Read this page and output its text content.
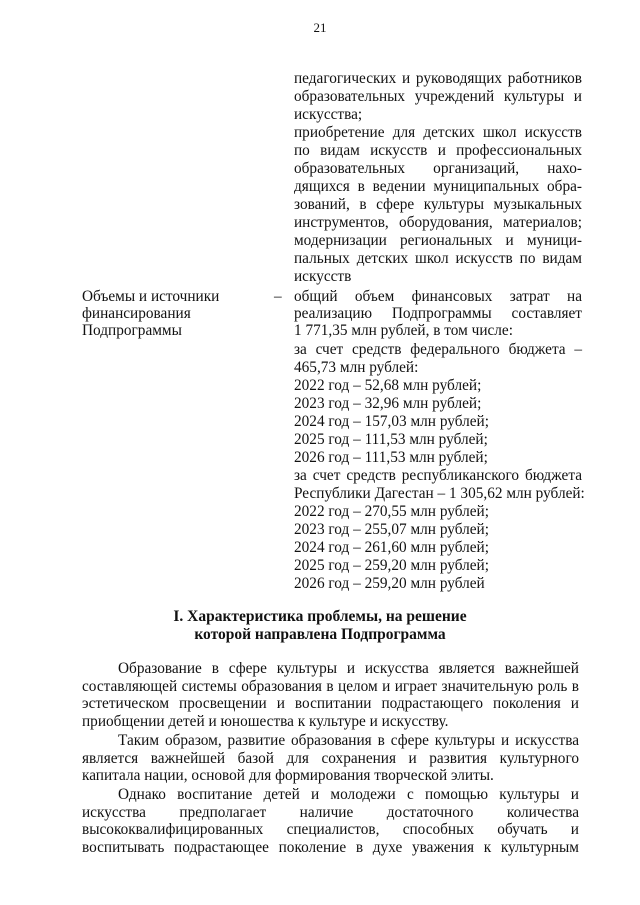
21
педагогических и руководящих работников
образовательных учреждений культуры и
искусства;
приобретение для детских школ искусств
по видам искусств и профессиональных
образовательных организаций, нахо-
дящихся в ведении муниципальных обра-
зований, в сфере культуры музыкальных
инструментов, оборудования, материалов;
модернизации региональных и муници-
пальных детских школ искусств по видам
искусств
Объемы и источники
финансирования
Подпрограммы
– общий объем финансовых затрат на
реализацию Подпрограммы составляет
1 771,35 млн рублей, в том числе:
за счет средств федерального бюджета –
465,73 млн рублей:
2022 год – 52,68 млн рублей;
2023 год – 32,96 млн рублей;
2024 год – 157,03 млн рублей;
2025 год – 111,53 млн рублей;
2026 год – 111,53 млн рублей;
за счет средств республиканского бюджета
Республики Дагестан – 1 305,62 млн рублей:
2022 год – 270,55 млн рублей;
2023 год – 255,07 млн рублей;
2024 год – 261,60 млн рублей;
2025 год – 259,20 млн рублей;
2026 год – 259,20 млн рублей
I. Характеристика проблемы, на решение
которой направлена Подпрограмма
Образование в сфере культуры и искусства является важнейшей
составляющей системы образования в целом и играет значительную роль в
эстетическом просвещении и воспитании подрастающего поколения и
приобщении детей и юношества к культуре и искусству.
Таким образом, развитие образования в сфере культуры и искусства
является важнейшей базой для сохранения и развития культурного
капитала нации, основой для формирования творческой элиты.
Однако воспитание детей и молодежи с помощью культуры и
искусства предполагает наличие достаточного количества
высококвалифицированных специалистов, способных обучать и
воспитывать подрастающее поколение в духе уважения к культурным
